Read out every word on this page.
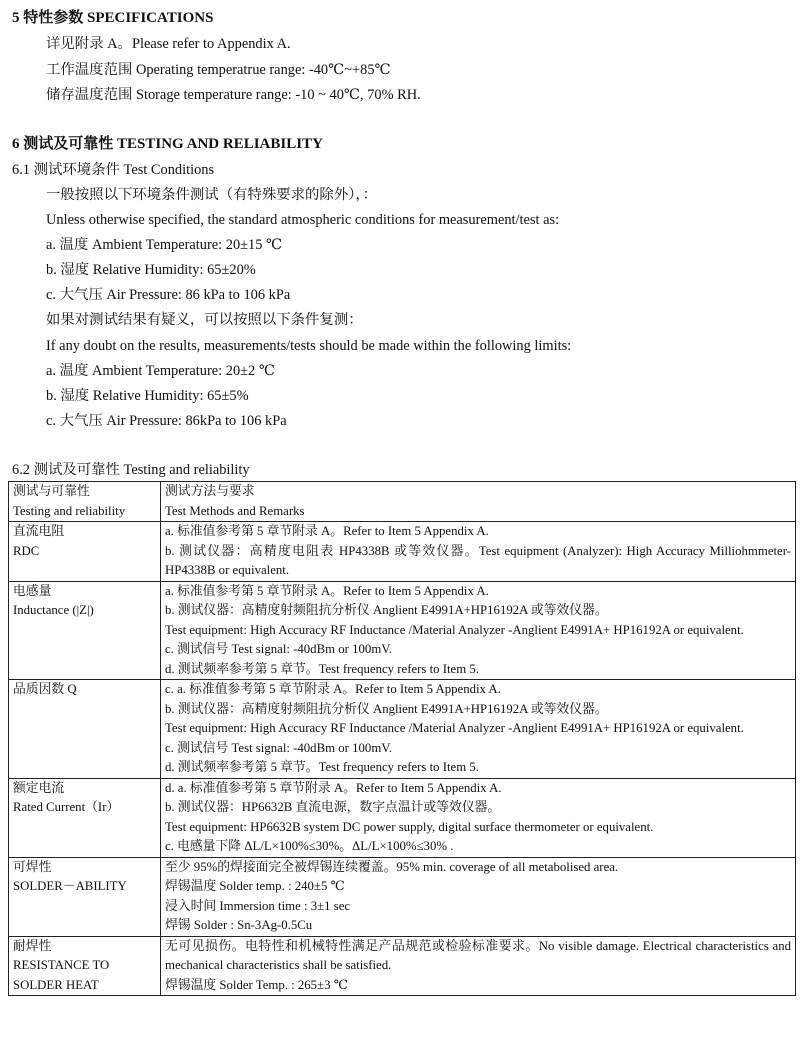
5 特性参数 SPECIFICATIONS
详见附录 A。Please refer to Appendix A.
工作温度范围 Operating temperatrue range: -40℃~+85℃
储存温度范围 Storage temperature range: -10 ~ 40℃, 70% RH.
6 测试及可靠性 TESTING AND RELIABILITY
6.1 测试环境条件 Test Conditions
一般按照以下环境条件测试（有特殊要求的除外），：
Unless otherwise specified, the standard atmospheric conditions for measurement/test as:
a. 温度 Ambient Temperature: 20±15 ℃
b. 湿度 Relative Humidity: 65±20%
c. 大气压 Air Pressure: 86 kPa to 106 kPa
如果对测试结果有疑义，可以按照以下条件复测：
If any doubt on the results, measurements/tests should be made within the following limits:
a. 温度 Ambient Temperature: 20±2 ℃
b. 湿度 Relative Humidity: 65±5%
c. 大气压 Air Pressure: 86kPa to 106 kPa
6.2 测试及可靠性 Testing and reliability
测试与可靠性
Testing and reliability	测试方法与要求
Test Methods and Remarks

直流电阻
RDC	a. 标准值参考第 5 章节附录 A。Refer to Item 5 Appendix A.
b. 测试仪器：高精度电阻表 HP4338B 或等效仪器。Test equipment (Analyzer): High Accuracy Milliohmmeter-HP4338B or equivalent.

电感量
Inductance (|Z|)	a. 标准值参考第 5 章节附录 A。Refer to Item 5 Appendix A.
b. 测试仪器：高精度射频阻抗分析仪 Anglient E4991A+HP16192A 或等效仪器。
Test equipment: High Accuracy RF Inductance /Material Analyzer -Anglient E4991A+ HP16192A or equivalent.
c. 测试信号 Test signal: -40dBm or 100mV.
d. 测试频率参考第 5 章节。Test frequency refers to Item 5.

品质因数 Q	c. a. 标准值参考第 5 章节附录 A。Refer to Item 5 Appendix A.
b. 测试仪器：高精度射频阻抗分析仪 Anglient E4991A+HP16192A 或等效仪器。
Test equipment: High Accuracy RF Inductance /Material Analyzer -Anglient E4991A+ HP16192A or equivalent.
c. 测试信号 Test signal: -40dBm or 100mV.
d. 测试频率参考第 5 章节。Test frequency refers to Item 5.

额定电流
Rated Current（Ir）	d. a. 标准值参考第 5 章节附录 A。Refer to Item 5 Appendix A.
b. 测试仪器：HP6632B 直流电源，数字点温计或等效仪器。
Test equipment: HP6632B system DC power supply, digital surface thermometer or equivalent.
c. 电感量下降 ΔL/L×100%≤30%。ΔL/L×100%≤30% .

可焊性
SOLDER－ABILITY	至少 95%的焊接面完全被焊锡连续覆盖。95% min. coverage of all metabolised area.
焊锡温度 Solder temp. : 240±5 ℃
浸入时间 Immersion time : 3±1 sec
焊锡 Solder : Sn-3Ag-0.5Cu

耐焊性
RESISTANCE TO
SOLDER HEAT	无可见损伤。电特性和机械特性满足产品规范或检验标准要求。No visible damage. Electrical characteristics and mechanical characteristics shall be satisfied.
焊锡温度 Solder Temp. : 265±3 ℃
